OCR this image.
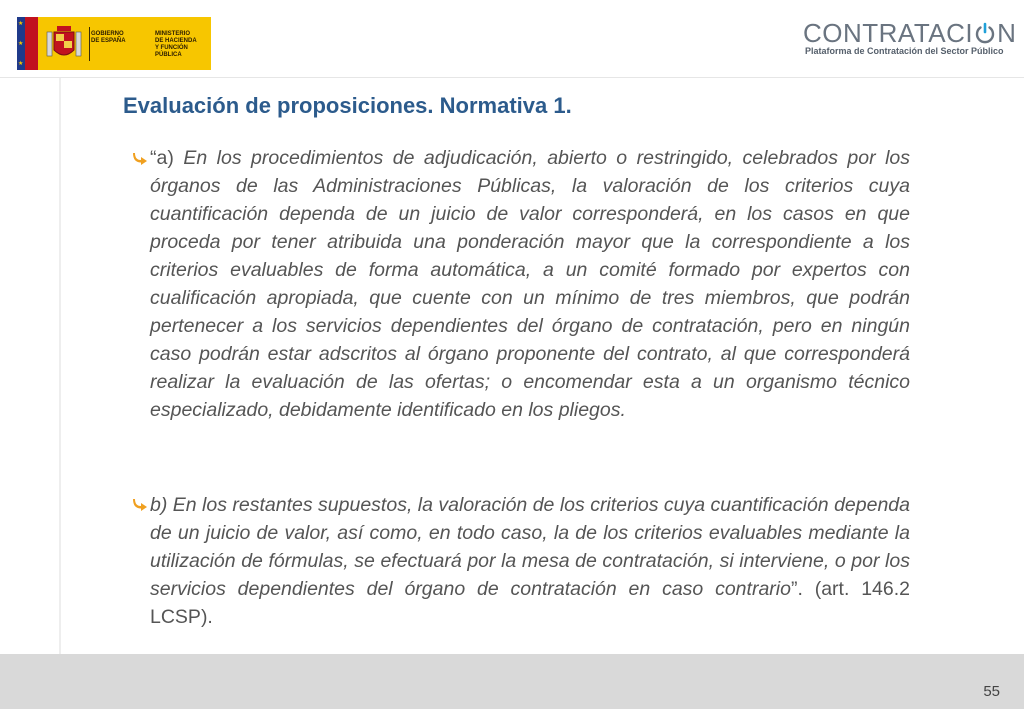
★
★
★
GOBIERNO
DE ESPAÑA
MINISTERIO
DE HACIENDA
Y FUNCIÓN PÚBLICA
CONTRATACI N
Plataforma de Contratación del Sector Público
Evaluación de proposiciones. Normativa 1.

“a) En los procedimientos de adjudicación, abierto o restringido, celebrados por los órganos de las Administraciones Públicas, la valoración de los criterios cuya cuantificación dependa de un juicio de valor corresponderá, en los casos en que proceda por tener atribuida una ponderación mayor que la correspondiente a los criterios evaluables de forma automática, a un comité formado por expertos con cualificación apropiada, que cuente con un mínimo de tres miembros, que podrán pertenecer a los servicios dependientes del órgano de contratación, pero en ningún caso podrán estar adscritos al órgano proponente del contrato, al que corresponderá realizar la evaluación de las ofertas; o encomendar esta a un organismo técnico especializado, debidamente identificado en los pliegos.

b) En los restantes supuestos, la valoración de los criterios cuya cuantificación dependa de un juicio de valor, así como, en todo caso, la de los criterios evaluables mediante la utilización de fórmulas, se efectuará por la mesa de contratación, si interviene, o por los servicios dependientes del órgano de contratación en caso contrario”. (art. 146.2 LCSP).

55
